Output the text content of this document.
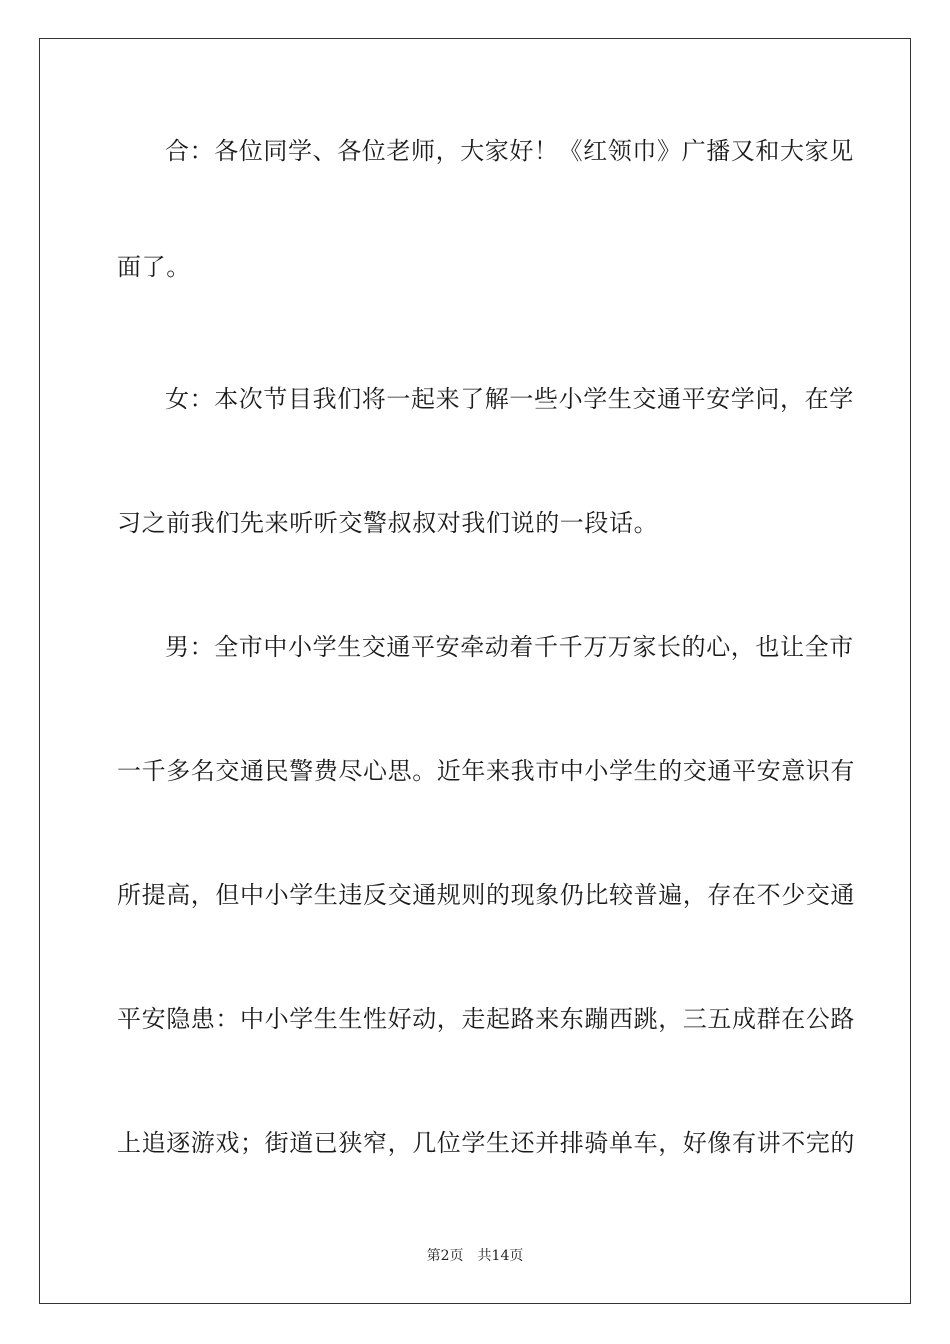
合：各位同学、各位老师，大家好！《红领巾》广播又和大家见
面了。
女：本次节目我们将一起来了解一些小学生交通平安学问，在学
习之前我们先来听听交警叔叔对我们说的一段话。
男：全市中小学生交通平安牵动着千千万万家长的心，也让全市
一千多名交通民警费尽心思。近年来我市中小学生的交通平安意识有
所提高，但中小学生违反交通规则的现象仍比较普遍，存在不少交通
平安隐患：中小学生生性好动，走起路来东蹦西跳，三五成群在公路
上追逐游戏；街道已狭窄，几位学生还并排骑单车，好像有讲不完的
第2页 共14页
